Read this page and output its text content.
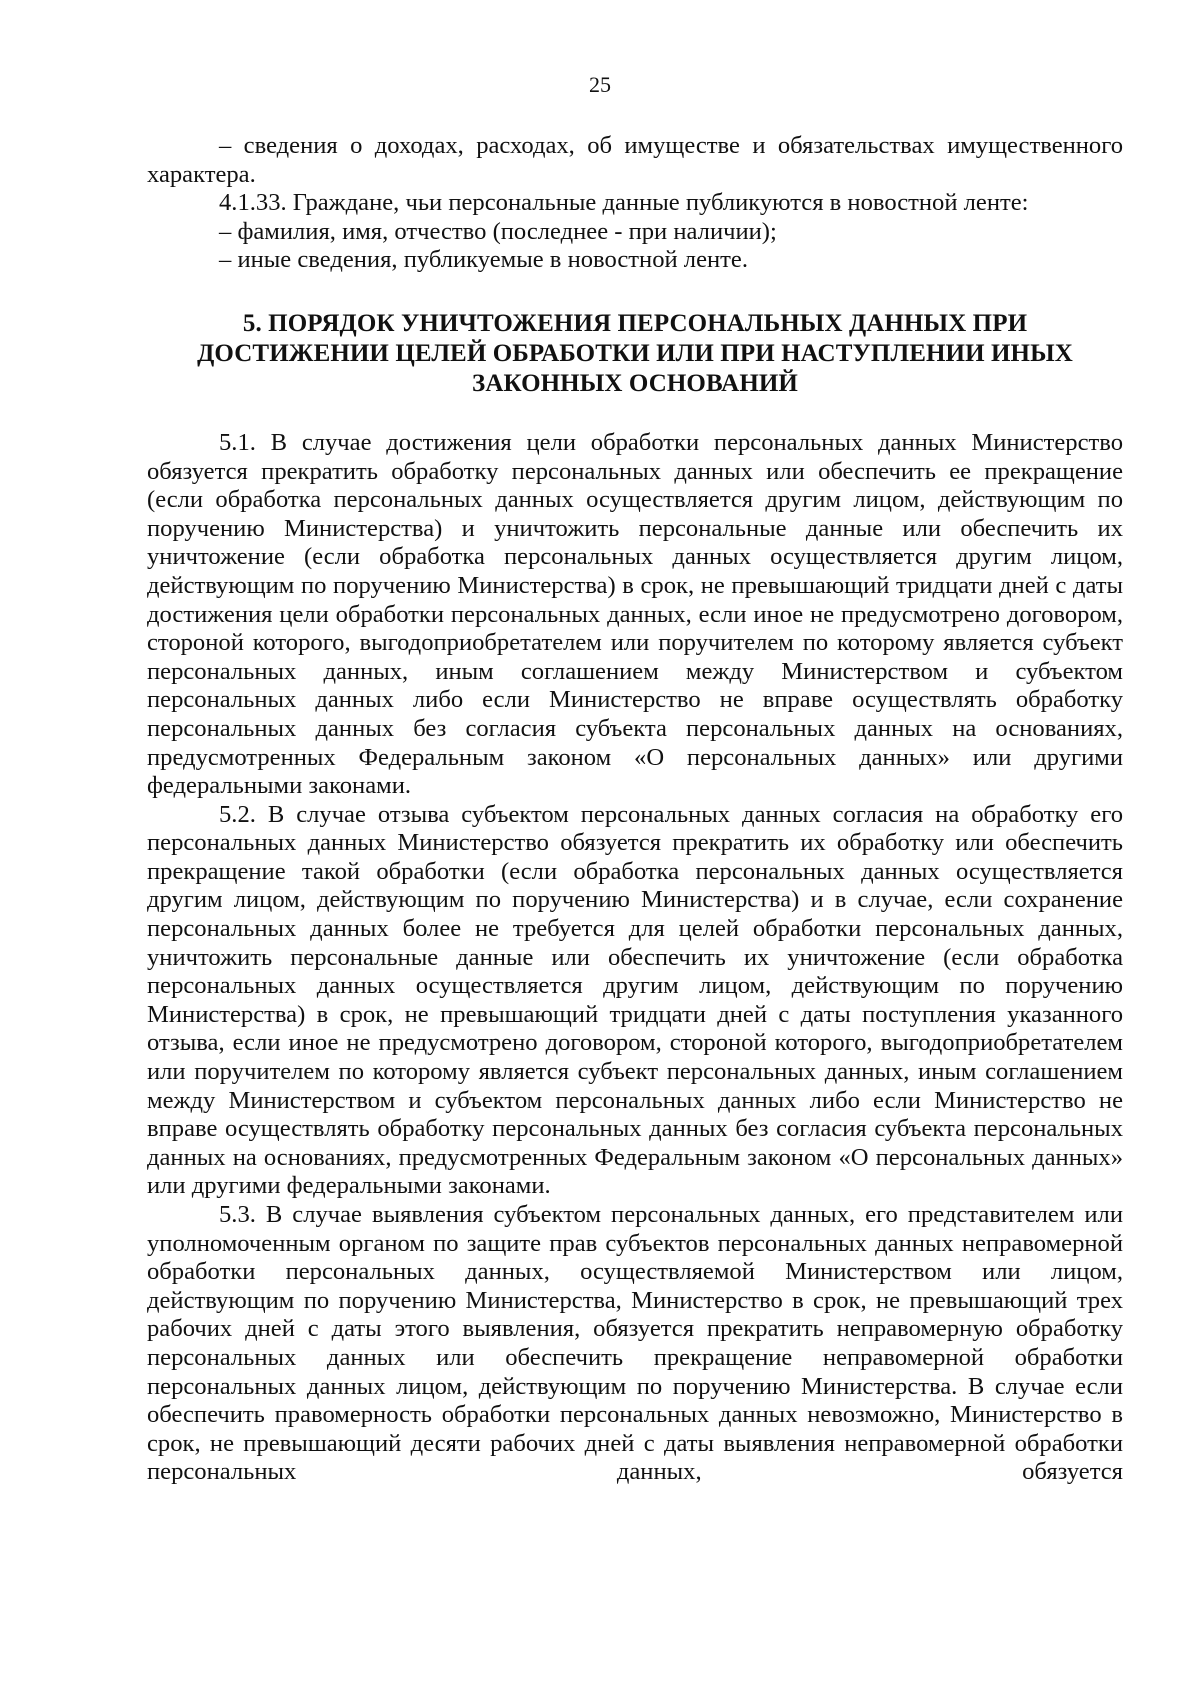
25

– сведения о доходах, расходах, об имуществе и обязательствах имущественного характера.

4.1.33. Граждане, чьи персональные данные публикуются в новостной ленте:

– фамилия, имя, отчество (последнее - при наличии);

– иные сведения, публикуемые в новостной ленте.

5. ПОРЯДОК УНИЧТОЖЕНИЯ ПЕРСОНАЛЬНЫХ ДАННЫХ ПРИ
ДОСТИЖЕНИИ ЦЕЛЕЙ ОБРАБОТКИ ИЛИ ПРИ НАСТУПЛЕНИИ ИНЫХ
ЗАКОННЫХ ОСНОВАНИЙ

5.1. В случае достижения цели обработки персональных данных Министерство обязуется прекратить обработку персональных данных или обеспечить ее прекращение (если обработка персональных данных осуществляется другим лицом, действующим по поручению Министерства) и уничтожить персональные данные или обеспечить их уничтожение (если обработка персональных данных осуществляется другим лицом, действующим по поручению Министерства) в срок, не превышающий тридцати дней с даты достижения цели обработки персональных данных, если иное не предусмотрено договором, стороной которого, выгодоприобретателем или поручителем по которому является субъект персональных данных, иным соглашением между Министерством и субъектом персональных данных либо если Министерство не вправе осуществлять обработку персональных данных без согласия субъекта персональных данных на основаниях, предусмотренных Федеральным законом «О персональных данных» или другими федеральными законами.

5.2. В случае отзыва субъектом персональных данных согласия на обработку его персональных данных Министерство обязуется прекратить их обработку или обеспечить прекращение такой обработки (если обработка персональных данных осуществляется другим лицом, действующим по поручению Министерства) и в случае, если сохранение персональных данных более не требуется для целей обработки персональных данных, уничтожить персональные данные или обеспечить их уничтожение (если обработка персональных данных осуществляется другим лицом, действующим по поручению Министерства) в срок, не превышающий тридцати дней с даты поступления указанного отзыва, если иное не предусмотрено договором, стороной которого, выгодоприобретателем или поручителем по которому является субъект персональных данных, иным соглашением между Министерством и субъектом персональных данных либо если Министерство не вправе осуществлять обработку персональных данных без согласия субъекта персональных данных на основаниях, предусмотренных Федеральным законом «О персональных данных» или другими федеральными законами.

5.3. В случае выявления субъектом персональных данных, его представителем или уполномоченным органом по защите прав субъектов персональных данных неправомерной обработки персональных данных, осуществляемой Министерством или лицом, действующим по поручению Министерства, Министерство в срок, не превышающий трех рабочих дней с даты этого выявления, обязуется прекратить неправомерную обработку персональных данных или обеспечить прекращение неправомерной обработки персональных данных лицом, действующим по поручению Министерства. В случае если обеспечить правомерность обработки персональных данных невозможно, Министерство в срок, не превышающий десяти рабочих дней с даты выявления неправомерной обработки персональных данных, обязуется
